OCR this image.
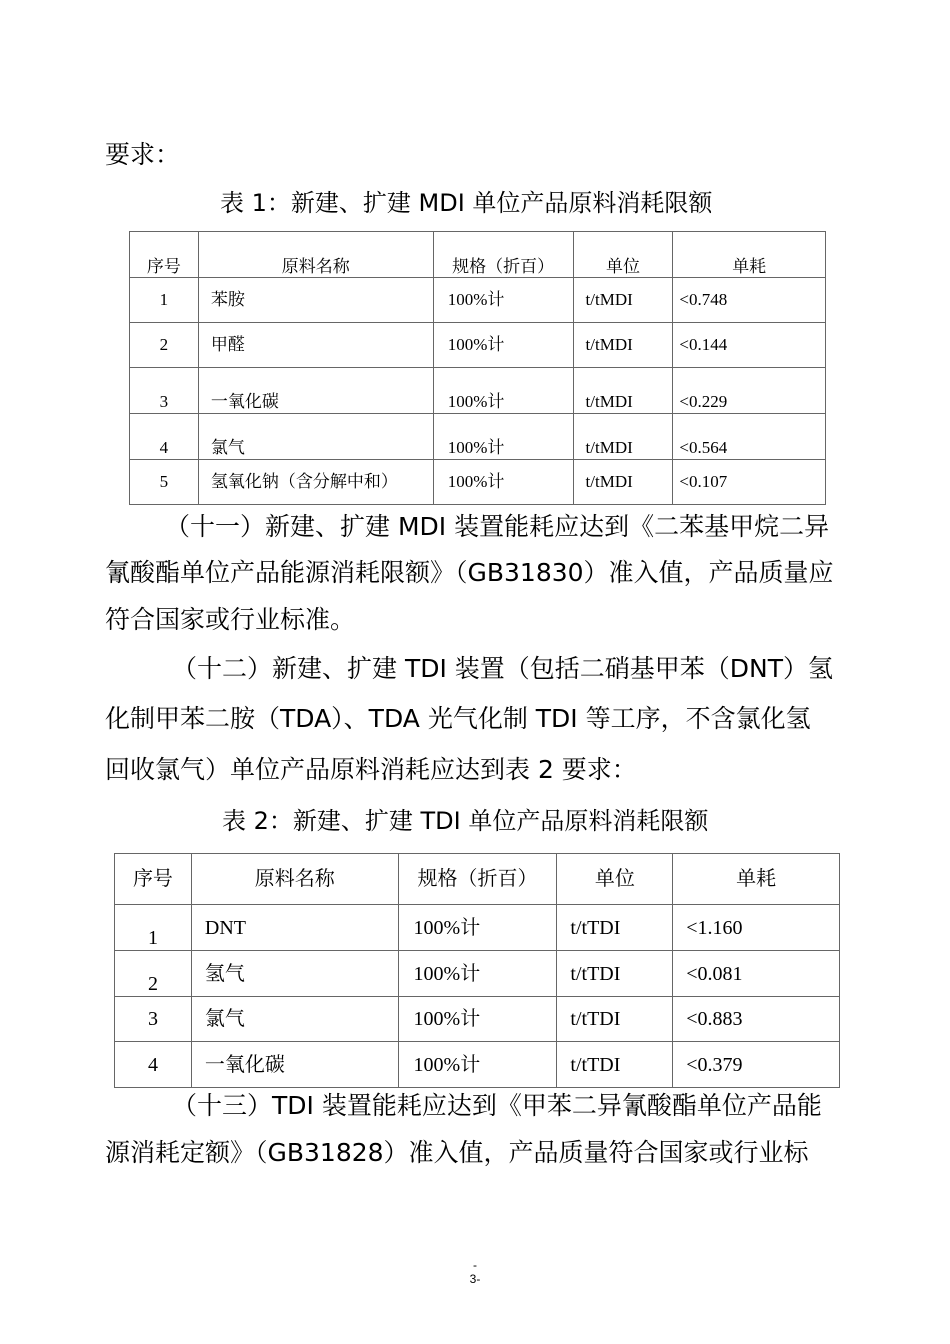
要求：
表 1：新建、扩建 MDI 单位产品原料消耗限额
序号	原料名称	规格（折百）	单位	单耗
1	苯胺	100%计	t/tMDI	<0.748
2	甲醛	100%计	t/tMDI	<0.144
3	一氧化碳	100%计	t/tMDI	<0.229
4	氯气	100%计	t/tMDI	<0.564
5	氢氧化钠（含分解中和）	100%计	t/tMDI	<0.107
（十一）新建、扩建 MDI 装置能耗应达到《二苯基甲烷二异
氰酸酯单位产品能源消耗限额》（GB31830）准入值，产品质量应
符合国家或行业标准。
（十二）新建、扩建 TDI 装置（包括二硝基甲苯（DNT）氢
化制甲苯二胺（TDA）、TDA 光气化制 TDI 等工序，不含氯化氢
回收氯气）单位产品原料消耗应达到表 2 要求：
表 2：新建、扩建 TDI 单位产品原料消耗限额
序号	原料名称	规格（折百）	单位	单耗
1	DNT	100%计	t/tTDI	<1.160
2	氢气	100%计	t/tTDI	<0.081
3	氯气	100%计	t/tTDI	<0.883
4	一氧化碳	100%计	t/tTDI	<0.379
（十三）TDI 装置能耗应达到《甲苯二异氰酸酯单位产品能
源消耗定额》（GB31828）准入值，产品质量符合国家或行业标
-
3-
